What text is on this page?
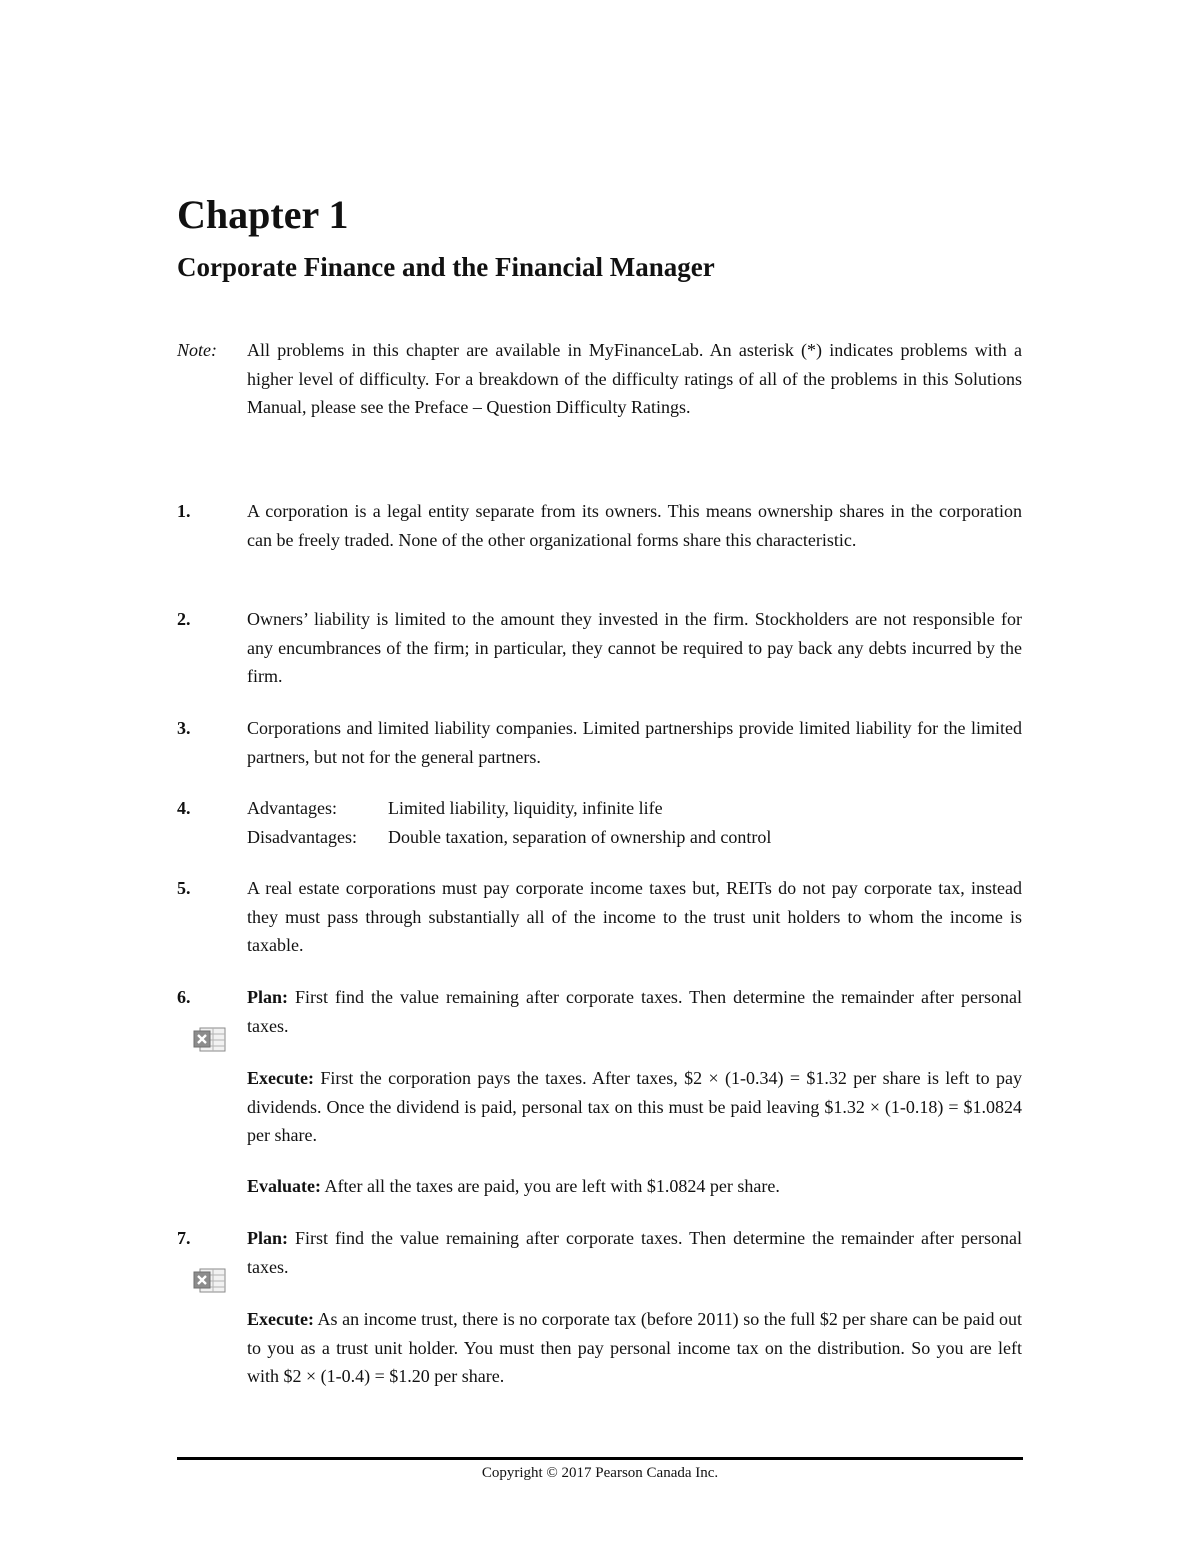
Chapter 1
Corporate Finance and the Financial Manager
Note: All problems in this chapter are available in MyFinanceLab. An asterisk (*) indicates problems with a higher level of difficulty. For a breakdown of the difficulty ratings of all of the problems in this Solutions Manual, please see the Preface – Question Difficulty Ratings.

1.	A corporation is a legal entity separate from its owners. This means ownership shares in the corporation can be freely traded. None of the other organizational forms share this characteristic.

2.	Owners’ liability is limited to the amount they invested in the firm. Stockholders are not responsible for any encumbrances of the firm; in particular, they cannot be required to pay back any debts incurred by the firm.

3.	Corporations and limited liability companies. Limited partnerships provide limited liability for the limited partners, but not for the general partners.

4.	Advantages:	Limited liability, liquidity, infinite life
Disadvantages: Double taxation, separation of ownership and control
5.	A real estate corporations must pay corporate income taxes but, REITs do not pay corporate tax, instead they must pass through substantially all of the income to the trust unit holders to whom the income is taxable.

6.	Plan: First find the value remaining after corporate taxes. Then determine the remainder after personal taxes.

Execute: First the corporation pays the taxes. After taxes, $2 × (1-0.34) = $1.32 per share is left to pay dividends. Once the dividend is paid, personal tax on this must be paid leaving $1.32 × (1-0.18) = $1.0824 per share.

Evaluate: After all the taxes are paid, you are left with $1.0824 per share.

7.	Plan: First find the value remaining after corporate taxes. Then determine the remainder after personal taxes.

Execute: As an income trust, there is no corporate tax (before 2011) so the full $2 per share can be paid out to you as a trust unit holder. You must then pay personal income tax on the distribution. So you are left with $2 × (1-0.4) = $1.20 per share.

Copyright © 2017 Pearson Canada Inc.
